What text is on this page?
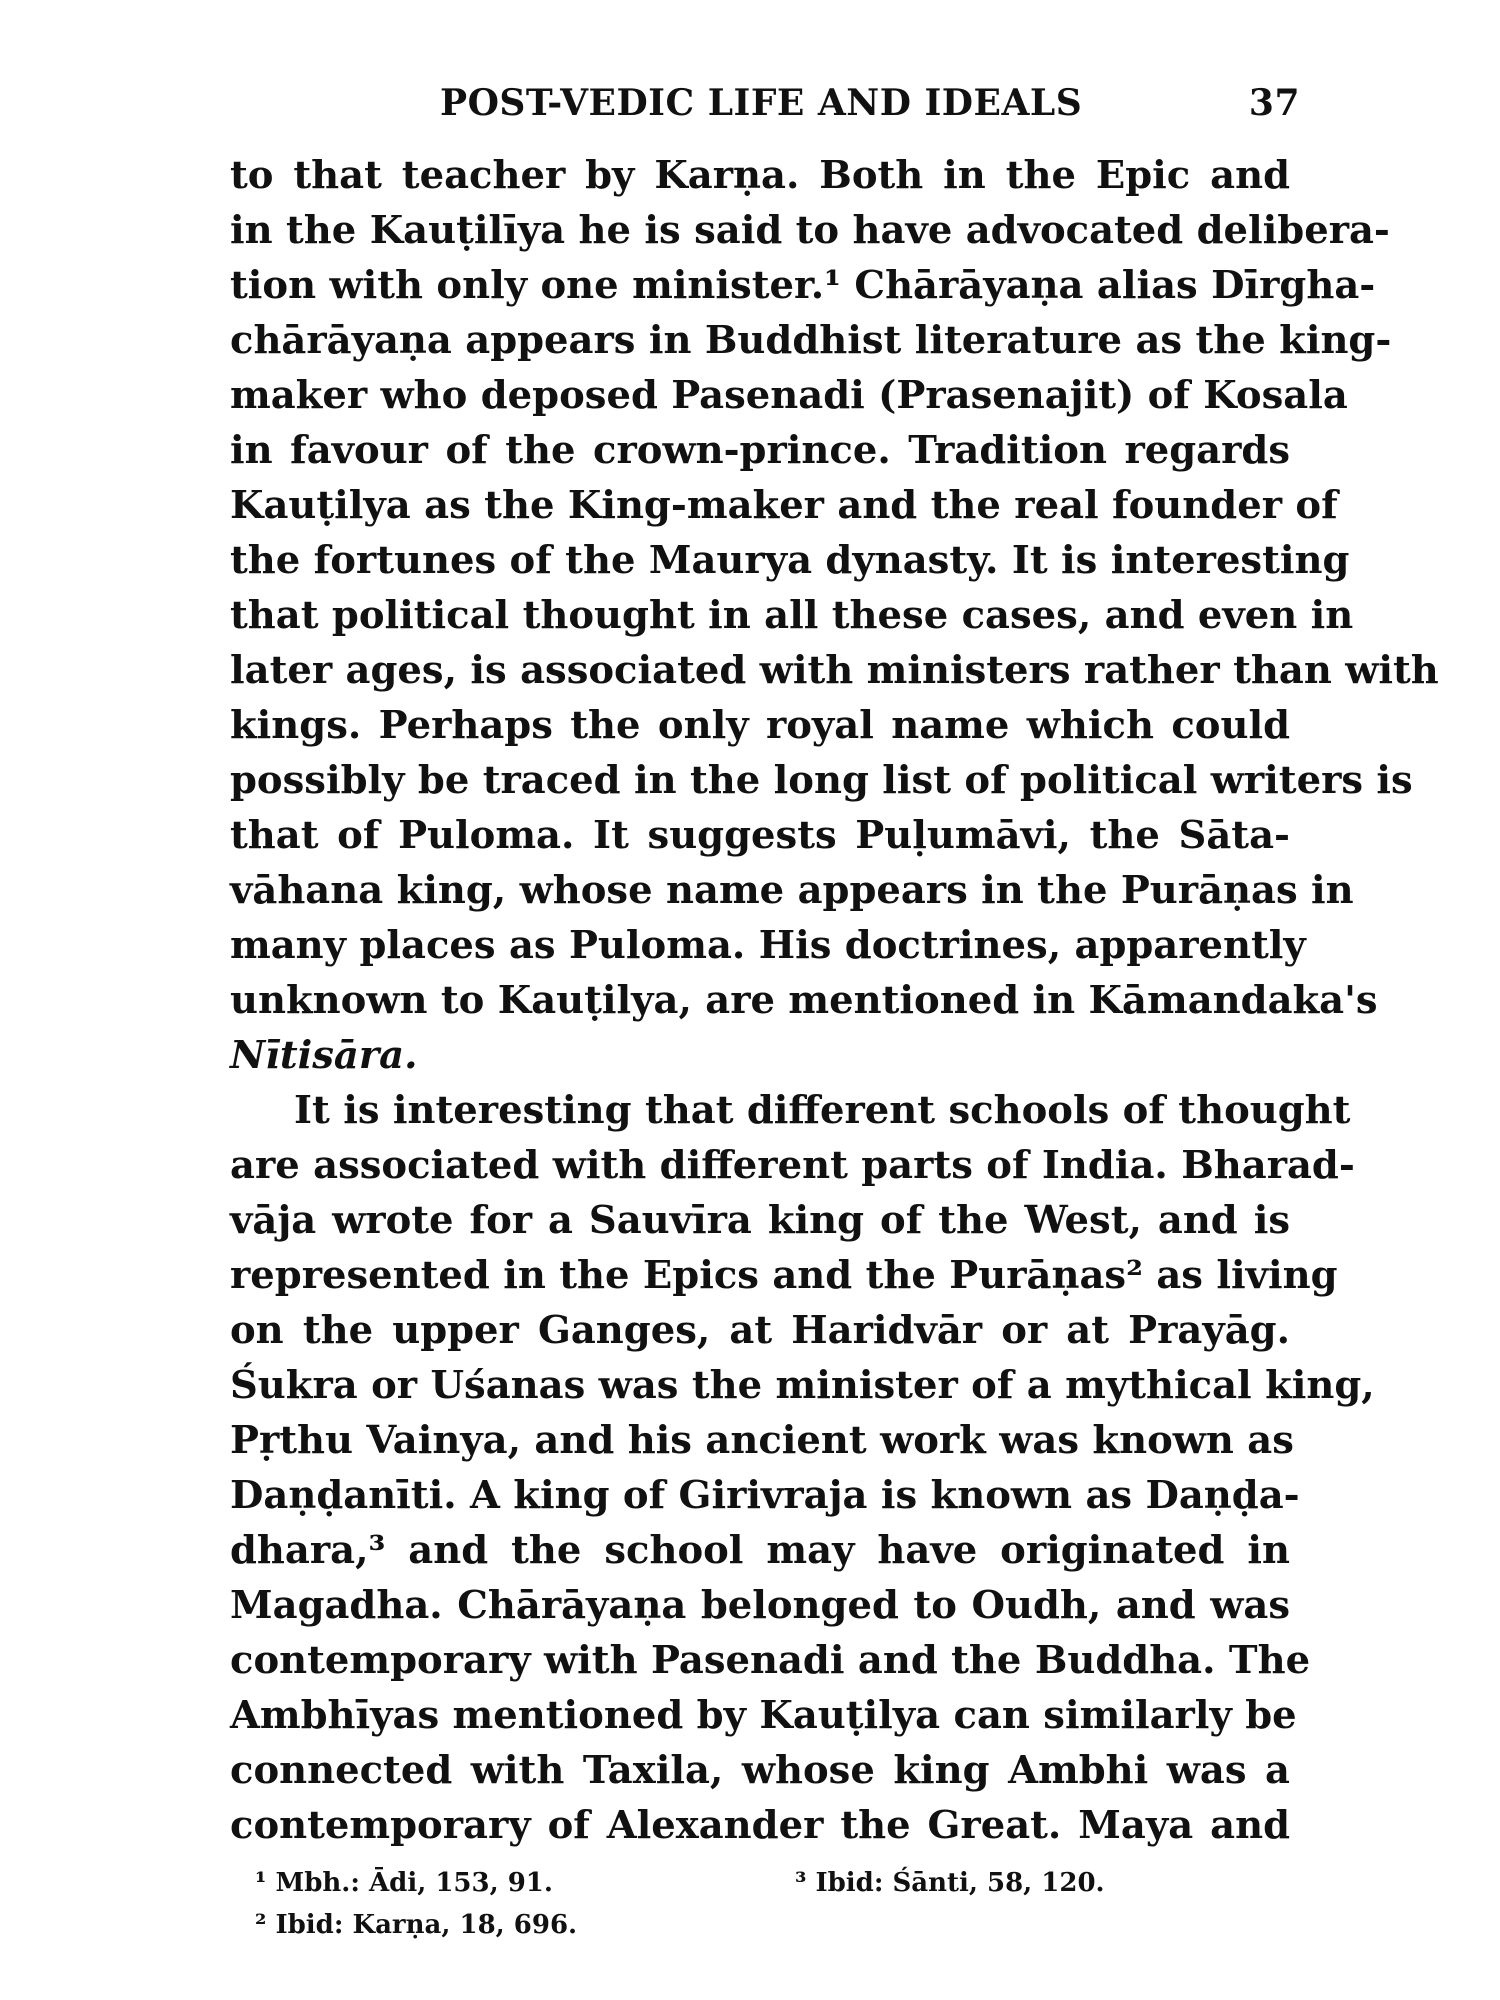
POST-VEDIC LIFE AND IDEALS	37
to that teacher by Karṇa. Both in the Epic and
in the Kauṭilīya he is said to have advocated delibera-
tion with only one minister.¹ Chārāyaṇa alias Dīrgha-
chārāyaṇa appears in Buddhist literature as the king-
maker who deposed Pasenadi (Prasenajit) of Kosala
in favour of the crown-prince. Tradition regards
Kauṭilya as the King-maker and the real founder of
the fortunes of the Maurya dynasty. It is interesting
that political thought in all these cases, and even in
later ages, is associated with ministers rather than with
kings. Perhaps the only royal name which could
possibly be traced in the long list of political writers is
that of Puloma. It suggests Puḷumāvi, the Sāta-
vāhana king, whose name appears in the Purāṇas in
many places as Puloma. His doctrines, apparently
unknown to Kauṭilya, are mentioned in Kāmandaka's
Nītisāra.
It is interesting that different schools of thought
are associated with different parts of India. Bharad-
vāja wrote for a Sauvīra king of the West, and is
represented in the Epics and the Purāṇas² as living
on the upper Ganges, at Haridvār or at Prayāg.
Śukra or Uśanas was the minister of a mythical king,
Pṛthu Vainya, and his ancient work was known as
Daṇḍanīti. A king of Girivraja is known as Daṇḍa-
dhara,³ and the school may have originated in
Magadha. Chārāyaṇa belonged to Oudh, and was
contemporary with Pasenadi and the Buddha. The
Ambhīyas mentioned by Kauṭilya can similarly be
connected with Taxila, whose king Ambhi was a
contemporary of Alexander the Great. Maya and
¹ Mbh.: Ādi, 153, 91.	³ Ibid: Śānti, 58, 120.
² Ibid: Karṇa, 18, 696.
